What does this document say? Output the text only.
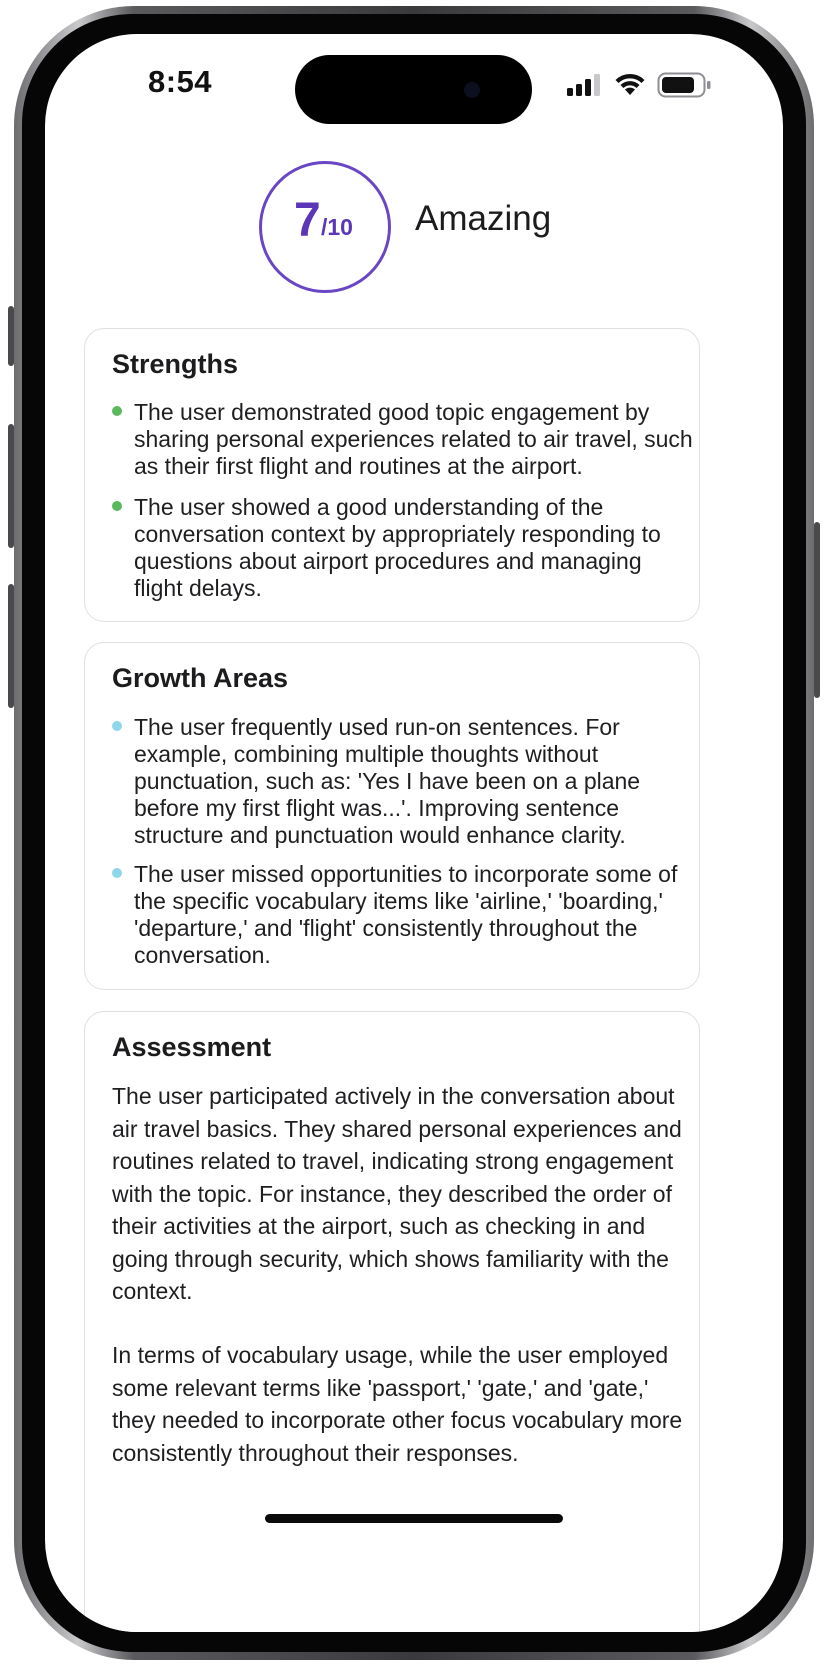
8:54
7 /10 Amazing
Strengths
The user demonstrated good topic engagement by sharing personal experiences related to air travel, such as their first flight and routines at the airport.
The user showed a good understanding of the conversation context by appropriately responding to questions about airport procedures and managing flight delays.
Growth Areas
The user frequently used run-on sentences. For example, combining multiple thoughts without punctuation, such as: 'Yes I have been on a plane before my first flight was...'. Improving sentence structure and punctuation would enhance clarity.
The user missed opportunities to incorporate some of the specific vocabulary items like 'airline,' 'boarding,' 'departure,' and 'flight' consistently throughout the conversation.
Assessment
The user participated actively in the conversation about air travel basics. They shared personal experiences and routines related to travel, indicating strong engagement with the topic. For instance, they described the order of their activities at the airport, such as checking in and going through security, which shows familiarity with the context.
In terms of vocabulary usage, while the user employed some relevant terms like 'passport,' 'gate,' and 'gate,' they needed to incorporate other focus vocabulary more consistently throughout their responses.
